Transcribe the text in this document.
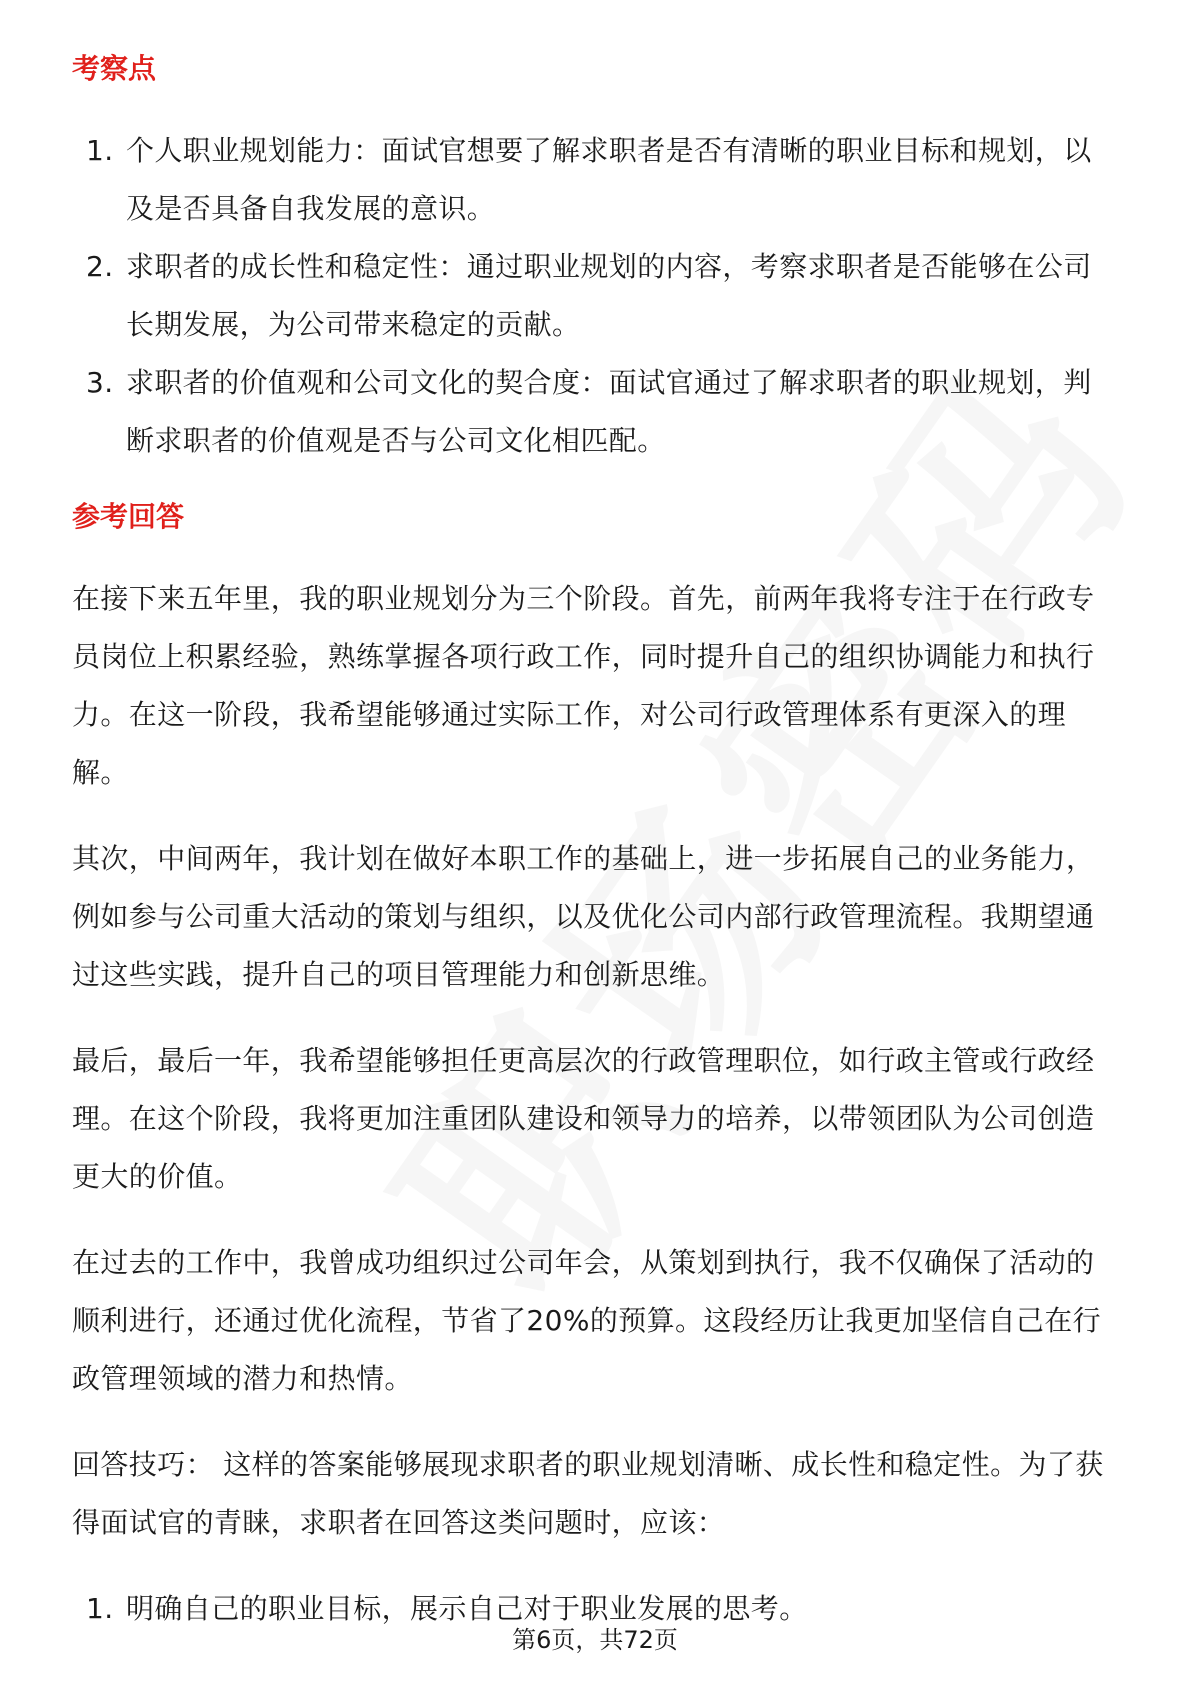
考察点
1. 个人职业规划能力：面试官想要了解求职者是否有清晰的职业目标和规划，以及是否具备自我发展的意识。
2. 求职者的成长性和稳定性：通过职业规划的内容，考察求职者是否能够在公司长期发展，为公司带来稳定的贡献。
3. 求职者的价值观和公司文化的契合度：面试官通过了解求职者的职业规划，判断求职者的价值观是否与公司文化相匹配。
参考回答

在接下来五年里，我的职业规划分为三个阶段。首先，前两年我将专注于在行政专员岗位上积累经验，熟练掌握各项行政工作，同时提升自己的组织协调能力和执行力。在这一阶段，我希望能够通过实际工作，对公司行政管理体系有更深入的理解。

其次，中间两年，我计划在做好本职工作的基础上，进一步拓展自己的业务能力，例如参与公司重大活动的策划与组织，以及优化公司内部行政管理流程。我期望通过这些实践，提升自己的项目管理能力和创新思维。

最后，最后一年，我希望能够担任更高层次的行政管理职位，如行政主管或行政经理。在这个阶段，我将更加注重团队建设和领导力的培养，以带领团队为公司创造更大的价值。

在过去的工作中，我曾成功组织过公司年会，从策划到执行，我不仅确保了活动的顺利进行，还通过优化流程，节省了20%的预算。这段经历让我更加坚信自己在行政管理领域的潜力和热情。

回答技巧： 这样的答案能够展现求职者的职业规划清晰、成长性和稳定性。为了获得面试官的青睐，求职者在回答这类问题时，应该：

1. 明确自己的职业目标，展示自己对于职业发展的思考。
第6页，共72页
